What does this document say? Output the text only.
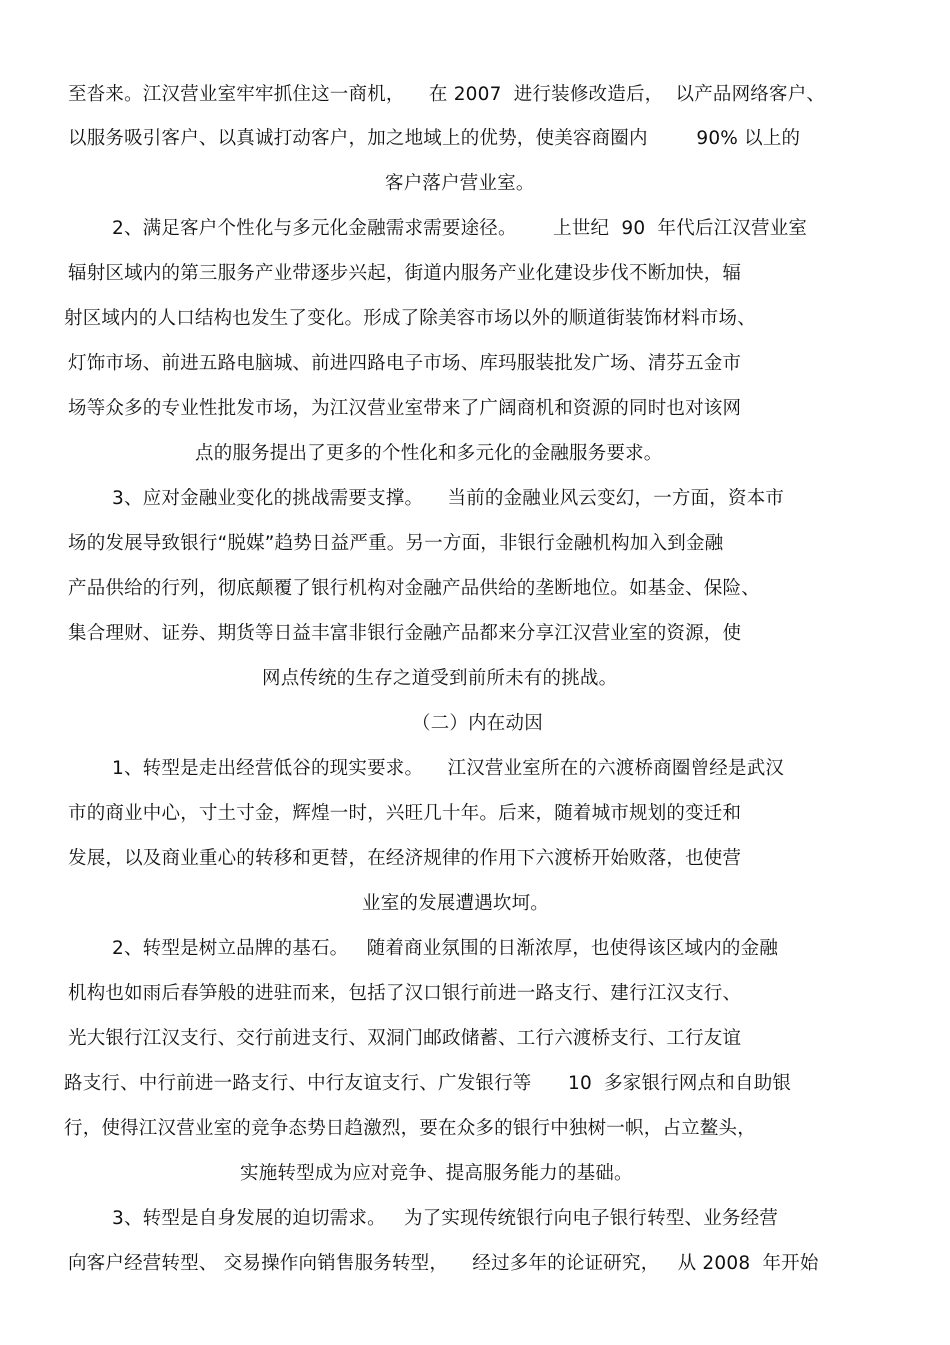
至沓来。江汉营业室牢牢抓住这一商机，    在 2007  进行装修改造后，  以产品网络客户、
以服务吸引客户、以真诚打动客户，加之地域上的优势，使美容商圈内        90% 以上的
客户落户营业室。
2、满足客户个性化与多元化金融需求需要途径。      上世纪  90  年代后江汉营业室
辐射区域内的第三服务产业带逐步兴起，街道内服务产业化建设步伐不断加快，辐
射区域内的人口结构也发生了变化。形成了除美容市场以外的顺道街装饰材料市场、
灯饰市场、前进五路电脑城、前进四路电子市场、库玛服装批发广场、清芬五金市
场等众多的专业性批发市场，为江汉营业室带来了广阔商机和资源的同时也对该网
点的服务提出了更多的个性化和多元化的金融服务要求。
3、应对金融业变化的挑战需要支撑。    当前的金融业风云变幻，一方面，资本市
场的发展导致银行“脱媒”趋势日益严重。另一方面，非银行金融机构加入到金融
产品供给的行列，彻底颠覆了银行机构对金融产品供给的垄断地位。如基金、保险、
集合理财、证券、期货等日益丰富非银行金融产品都来分享江汉营业室的资源，使
网点传统的生存之道受到前所未有的挑战。
（二）内在动因
1、转型是走出经营低谷的现实要求。    江汉营业室所在的六渡桥商圈曾经是武汉
市的商业中心，寸土寸金，辉煌一时，兴旺几十年。后来，随着城市规划的变迁和
发展，以及商业重心的转移和更替，在经济规律的作用下六渡桥开始败落，也使营
业室的发展遭遇坎坷。
2、转型是树立品牌的基石。   随着商业氛围的日渐浓厚，也使得该区域内的金融
机构也如雨后春笋般的进驻而来，包括了汉口银行前进一路支行、建行江汉支行、
光大银行江汉支行、交行前进支行、双洞门邮政储蓄、工行六渡桥支行、工行友谊
路支行、中行前进一路支行、中行友谊支行、广发银行等      10  多家银行网点和自助银
行，使得江汉营业室的竞争态势日趋激烈，要在众多的银行中独树一帜，占立鳌头，
实施转型成为应对竞争、提高服务能力的基础。
3、转型是自身发展的迫切需求。   为了实现传统银行向电子银行转型、业务经营
向客户经营转型、 交易操作向销售服务转型，    经过多年的论证研究，   从 2008  年开始
